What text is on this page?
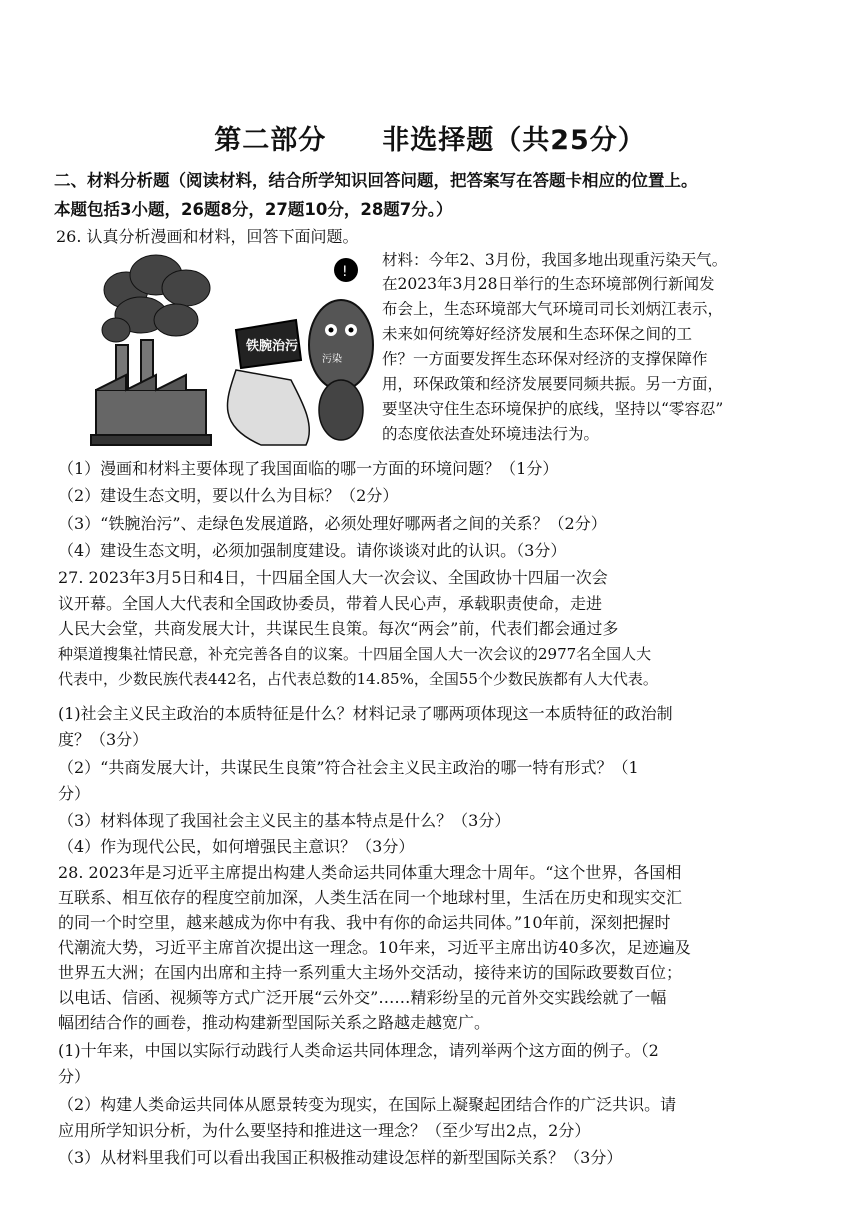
第二部分　　非选择题（共25分）
二、材料分析题（阅读材料，结合所学知识回答问题，把答案写在答题卡相应的位置上。
本题包括3小题，26题8分，27题10分，28题7分。）
26. 认真分析漫画和材料，回答下面问题。
铁腕治污
!
污染
材料：今年2、3月份，我国多地出现重污染天气。
在2023年3月28日举行的生态环境部例行新闻发
布会上，生态环境部大气环境司司长刘炳江表示，
未来如何统筹好经济发展和生态环保之间的工
作？一方面要发挥生态环保对经济的支撑保障作
用，环保政策和经济发展要同频共振。另一方面，
要坚决守住生态环境保护的底线，坚持以“零容忍”
的态度依法查处环境违法行为。
（1）漫画和材料主要体现了我国面临的哪一方面的环境问题？（1分）
（2）建设生态文明，要以什么为目标？（2分）
（3）“铁腕治污”、走绿色发展道路，必须处理好哪两者之间的关系？（2分）
（4）建设生态文明，必须加强制度建设。请你谈谈对此的认识。（3分）
27. 2023年3月5日和4日，十四届全国人大一次会议、全国政协十四届一次会
议开幕。全国人大代表和全国政协委员，带着人民心声，承载职责使命，走进
人民大会堂，共商发展大计，共谋民生良策。每次“两会”前，代表们都会通过多
种渠道搜集社情民意，补充完善各自的议案。十四届全国人大一次会议的2977名全国人大
代表中，少数民族代表442名，占代表总数的14.85%，全国55个少数民族都有人大代表。
(1)社会主义民主政治的本质特征是什么？材料记录了哪两项体现这一本质特征的政治制
度？（3分）
（2）“共商发展大计，共谋民生良策”符合社会主义民主政治的哪一特有形式？（1
分）
（3）材料体现了我国社会主义民主的基本特点是什么？（3分）
（4）作为现代公民，如何增强民主意识？（3分）
28. 2023年是习近平主席提出构建人类命运共同体重大理念十周年。“这个世界，各国相
互联系、相互依存的程度空前加深，人类生活在同一个地球村里，生活在历史和现实交汇
的同一个时空里，越来越成为你中有我、我中有你的命运共同体。”10年前，深刻把握时
代潮流大势，习近平主席首次提出这一理念。10年来，习近平主席出访40多次，足迹遍及
世界五大洲；在国内出席和主持一系列重大主场外交活动，接待来访的国际政要数百位；
以电话、信函、视频等方式广泛开展“云外交”……精彩纷呈的元首外交实践绘就了一幅
幅团结合作的画卷，推动构建新型国际关系之路越走越宽广。
(1)十年来，中国以实际行动践行人类命运共同体理念，请列举两个这方面的例子。（2
分）
（2）构建人类命运共同体从愿景转变为现实，在国际上凝聚起团结合作的广泛共识。请
应用所学知识分析，为什么要坚持和推进这一理念？（至少写出2点，2分）
（3）从材料里我们可以看出我国正积极推动建设怎样的新型国际关系？（3分）
